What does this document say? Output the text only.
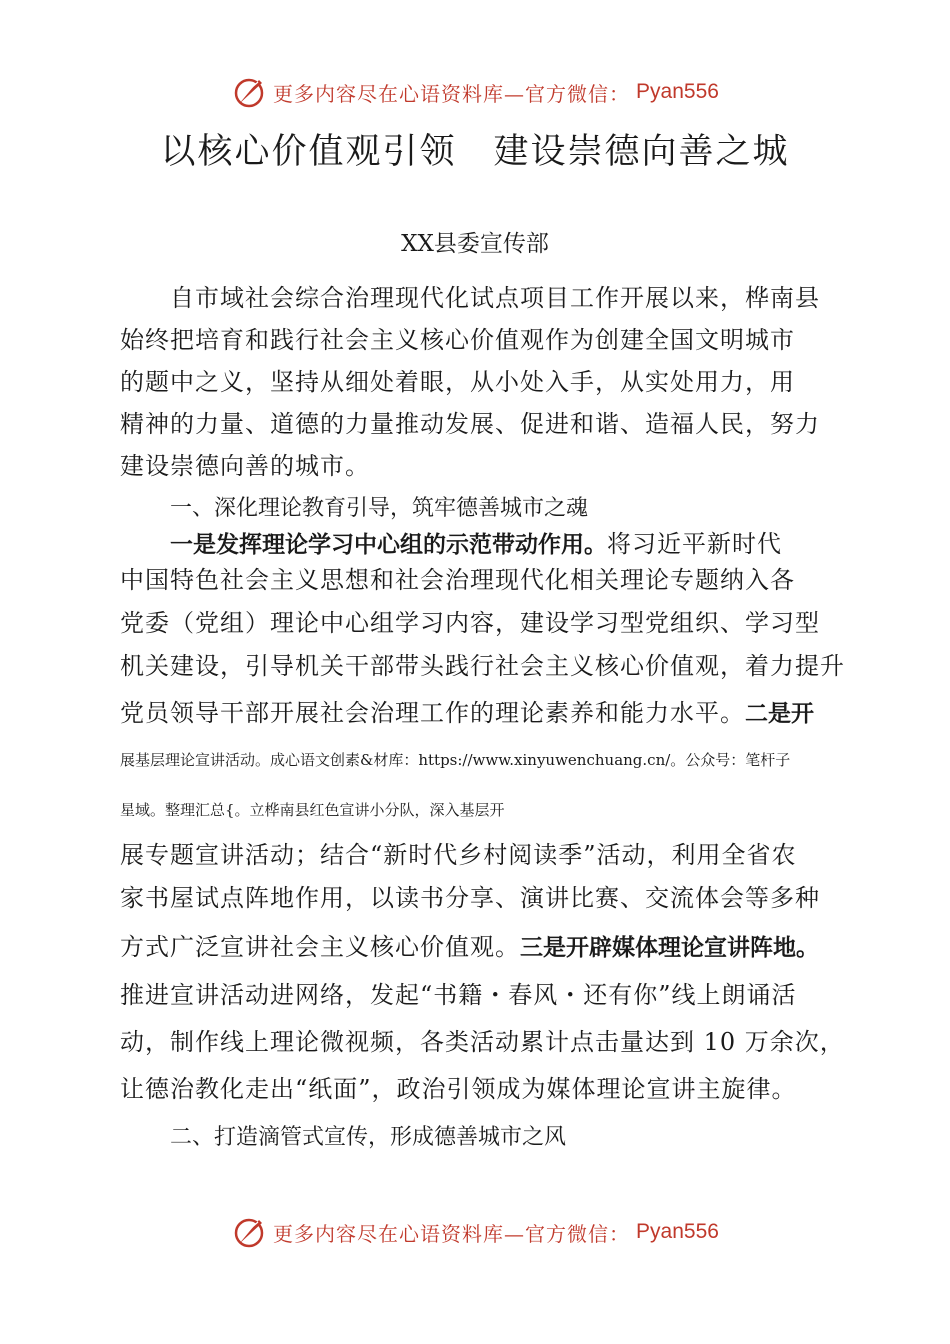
更多内容尽在心语资料库—官方微信： Pyan556
以核心价值观引领　建设崇德向善之城
XX县委宣传部
自市域社会综合治理现代化试点项目工作开展以来，桦南县
始终把培育和践行社会主义核心价值观作为创建全国文明城市
的题中之义，坚持从细处着眼，从小处入手，从实处用力，用
精神的力量、道德的力量推动发展、促进和谐、造福人民，努力
建设崇德向善的城市。
一、深化理论教育引导，筑牢德善城市之魂
一是发挥理论学习中心组的示范带动作用。将习近平新时代
中国特色社会主义思想和社会治理现代化相关理论专题纳入各
党委（党组）理论中心组学习内容，建设学习型党组织、学习型
机关建设，引导机关干部带头践行社会主义核心价值观，着力提升
党员领导干部开展社会治理工作的理论素养和能力水平。二是开
展基层理论宣讲活动。成心语文创素&材库：https://www.xinyuwenchuang.cn/。公众号：笔杆子
星域。整理汇总{。立桦南县红色宣讲小分队，深入基层开
展专题宣讲活动；结合“新时代乡村阅读季”活动，利用全省农
家书屋试点阵地作用，以读书分享、演讲比赛、交流体会等多种
方式广泛宣讲社会主义核心价值观。三是开辟媒体理论宣讲阵地。
推进宣讲活动进网络，发起“书籍・春风・还有你”线上朗诵活
动，制作线上理论微视频，各类活动累计点击量达到 10 万余次，
让德治教化走出“纸面”，政治引领成为媒体理论宣讲主旋律。
二、打造滴管式宣传，形成德善城市之风
更多内容尽在心语资料库—官方微信： Pyan556
